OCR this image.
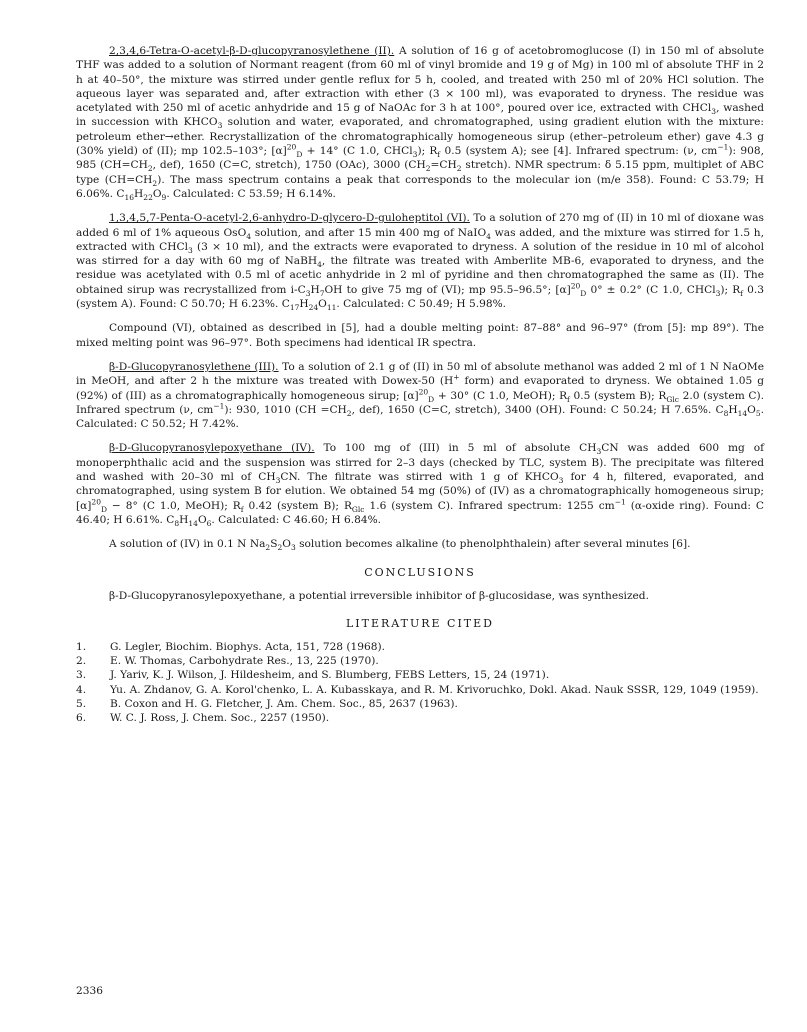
2,3,4,6-Tetra-O-acetyl-β-D-glucopyranosylethene (II). A solution of 16 g of acetobromoglucose (I) in 150 ml of absolute THF was added to a solution of Normant reagent (from 60 ml of vinyl bromide and 19 g of Mg) in 100 ml of absolute THF in 2 h at 40–50°, the mixture was stirred under gentle reflux for 5 h, cooled, and treated with 250 ml of 20% HCl solution. The aqueous layer was separated and, after extraction with ether (3 × 100 ml), was evaporated to dryness. The residue was acetylated with 250 ml of acetic anhydride and 15 g of NaOAc for 3 h at 100°, poured over ice, extracted with CHCl$_3$, washed in succession with $KHCO_3$ solution and water, evaporated, and chromatographed, using gradient elution with the mixture: petroleum ether→ether. Recrystallization of the chromatographically homogeneous sirup (ether–petroleum ether) gave 4.3 g (30% yield) of (II); mp 102.5–103°; $[\alpha]^{20}_D + 14^\circ$ (C 1.0, CHCl$_3$); $R_f$ 0.5 (system A); see [4]. Infrared spectrum: (ν, $cm^{-1}$): 908, 985 ($CH=CH_2$, def), 1650 (C=C, stretch), 1750 (OAc), 3000 ($CH_2=CH_2$ stretch). NMR spectrum: δ 5.15 ppm, multiplet of ABC type $(CH=CH_2)$. The mass spectrum contains a peak that corresponds to the molecular ion (m/e 358). Found: C 53.79; H 6.06%. $C_{16}H_{22}O_9$. Calculated: C 53.59; H 6.14%.

1,3,4,5,7-Penta-O-acetyl-2,6-anhydro-D-glycero-D-guloheptitol (VI). To a solution of 270 mg of (II) in 10 ml of dioxane was added 6 ml of 1% aqueous OsO$_4$ solution, and after 15 min 400 mg of NaIO$_4$ was added, and the mixture was stirred for 1.5 h, extracted with CHCl$_3$ (3 × 10 ml), and the extracts were evaporated to dryness. A solution of the residue in 10 ml of alcohol was stirred for a day with 60 mg of NaBH$_4$, the filtrate was treated with Amberlite MB-6, evaporated to dryness, and the residue was acetylated with 0.5 ml of acetic anhydride in 2 ml of pyridine and then chromatographed the same as (II). The obtained sirup was recrystallized from $i-C_3H_7OH$ to give 75 mg of (VI); mp 95.5–96.5°; $[\alpha]^{20}_D$ 0° ± 0.2° (C 1.0, CHCl$_3$); $R_f$ 0.3 (system A). Found: C 50.70; H 6.23%. $C_{17}H_{24}O_{11}$. Calculated: C 50.49; H 5.98%.

Compound (VI), obtained as described in [5], had a double melting point: 87–88° and 96–97° (from [5]: mp 89°). The mixed melting point was 96–97°. Both specimens had identical IR spectra.

β-D-Glucopyranosylethene (III). To a solution of 2.1 g of (II) in 50 ml of absolute methanol was added 2 ml of 1 N NaOMe in MeOH, and after 2 h the mixture was treated with Dowex-50 (H+ form) and evaporated to dryness. We obtained 1.05 g (92%) of (III) as a chromatographically homogeneous sirup; $[\alpha]^{20}_D + 30^\circ$ (C 1.0, MeOH); $R_f$ 0.5 (system B); $R_{Glc}$ 2.0 (system C). Infrared spectrum (ν, $cm^{-1}$): 930, 1010 ($CH =CH_2$, def), 1650 (C=C, stretch), 3400 (OH). Found: C 50.24; H 7.65%. $C_8H_{14}O_5$. Calculated: C 50.52; H 7.42%.

β-D-Glucopyranosylepoxyethane (IV). To 100 mg of (III) in 5 ml of absolute $CH_3CN$ was added 600 mg of monoperphthalic acid and the suspension was stirred for 2–3 days (checked by TLC, system B). The precipitate was filtered and washed with 20–30 ml of $CH_3CN$. The filtrate was stirred with 1 g of $KHCO_3$ for 4 h, filtered, evaporated, and chromatographed, using system B for elution. We obtained 54 mg (50%) of (IV) as a chromatographically homogeneous sirup; $[\alpha]^{20}_D - 8^\circ$ (C 1.0, MeOH); $R_f$ 0.42 (system B); $R_{Glc}$ 1.6 (system C). Infrared spectrum: 1255 $cm^{-1}$ (α-oxide ring). Found: C 46.40; H 6.61%. $C_8H_{14}O_6$. Calculated: C 46.60; H 6.84%.

A solution of (IV) in 0.1 N $Na_2S_2O_3$ solution becomes alkaline (to phenolphthalein) after several minutes [6].

CONCLUSIONS

β-D-Glucopyranosylepoxyethane, a potential irreversible inhibitor of β-glucosidase, was synthesized.

LITERATURE CITED
1.	G. Legler, Biochim. Biophys. Acta, 151, 728 (1968).
2.	E. W. Thomas, Carbohydrate Res., 13, 225 (1970).
3.	J. Yariv, K. J. Wilson, J. Hildesheim, and S. Blumberg, FEBS Letters, 15, 24 (1971).
4.	Yu. A. Zhdanov, G. A. Korol'chenko, L. A. Kubasskaya, and R. M. Krivoruchko, Dokl. Akad. Nauk SSSR, 129, 1049 (1959).
5.	B. Coxon and H. G. Fletcher, J. Am. Chem. Soc., 85, 2637 (1963).
6.	W. C. J. Ross, J. Chem. Soc., 2257 (1950).
2336
